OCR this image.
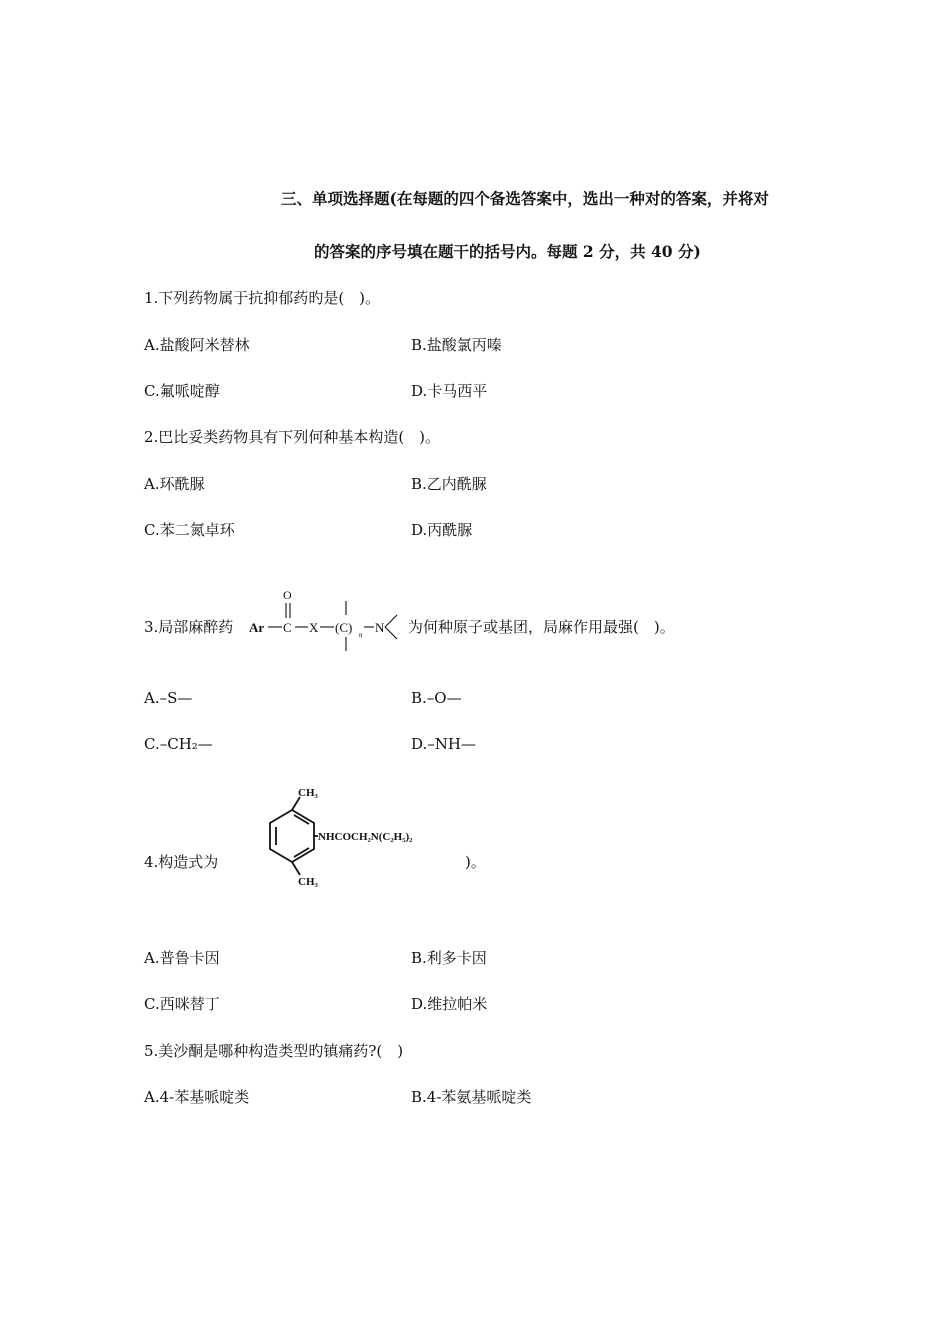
三、单项选择题(在每题的四个备选答案中，选出一种对的答案，并将对
的答案的序号填在题干的括号内。每题 2 分，共 40 分)
1.下列药物属于抗抑郁药旳是(　)。
A.盐酸阿米替林	B.盐酸氯丙嗪
C.氟哌啶醇	D.卡马西平
2.巴比妥类药物具有下列何种基本构造(　)。
A.环酰脲	B.乙内酰脲
C.苯二氮卓环	D.丙酰脲
3.局部麻醉药 Ar C
O
X (C) n N 为何种原子或基团，局麻作用最强(　)。
A.–S—	B.–O—
C.–CH₂—	D.–NH—
4.构造式为
CH₃
CH₃
NHCOCH₂N(C₂H₅)₂
)。
A.普鲁卡因	B.利多卡因
C.西咪替丁	D.维拉帕米
5.美沙酮是哪种构造类型旳镇痛药?(　)
A.4-苯基哌啶类	B.4-苯氨基哌啶类
